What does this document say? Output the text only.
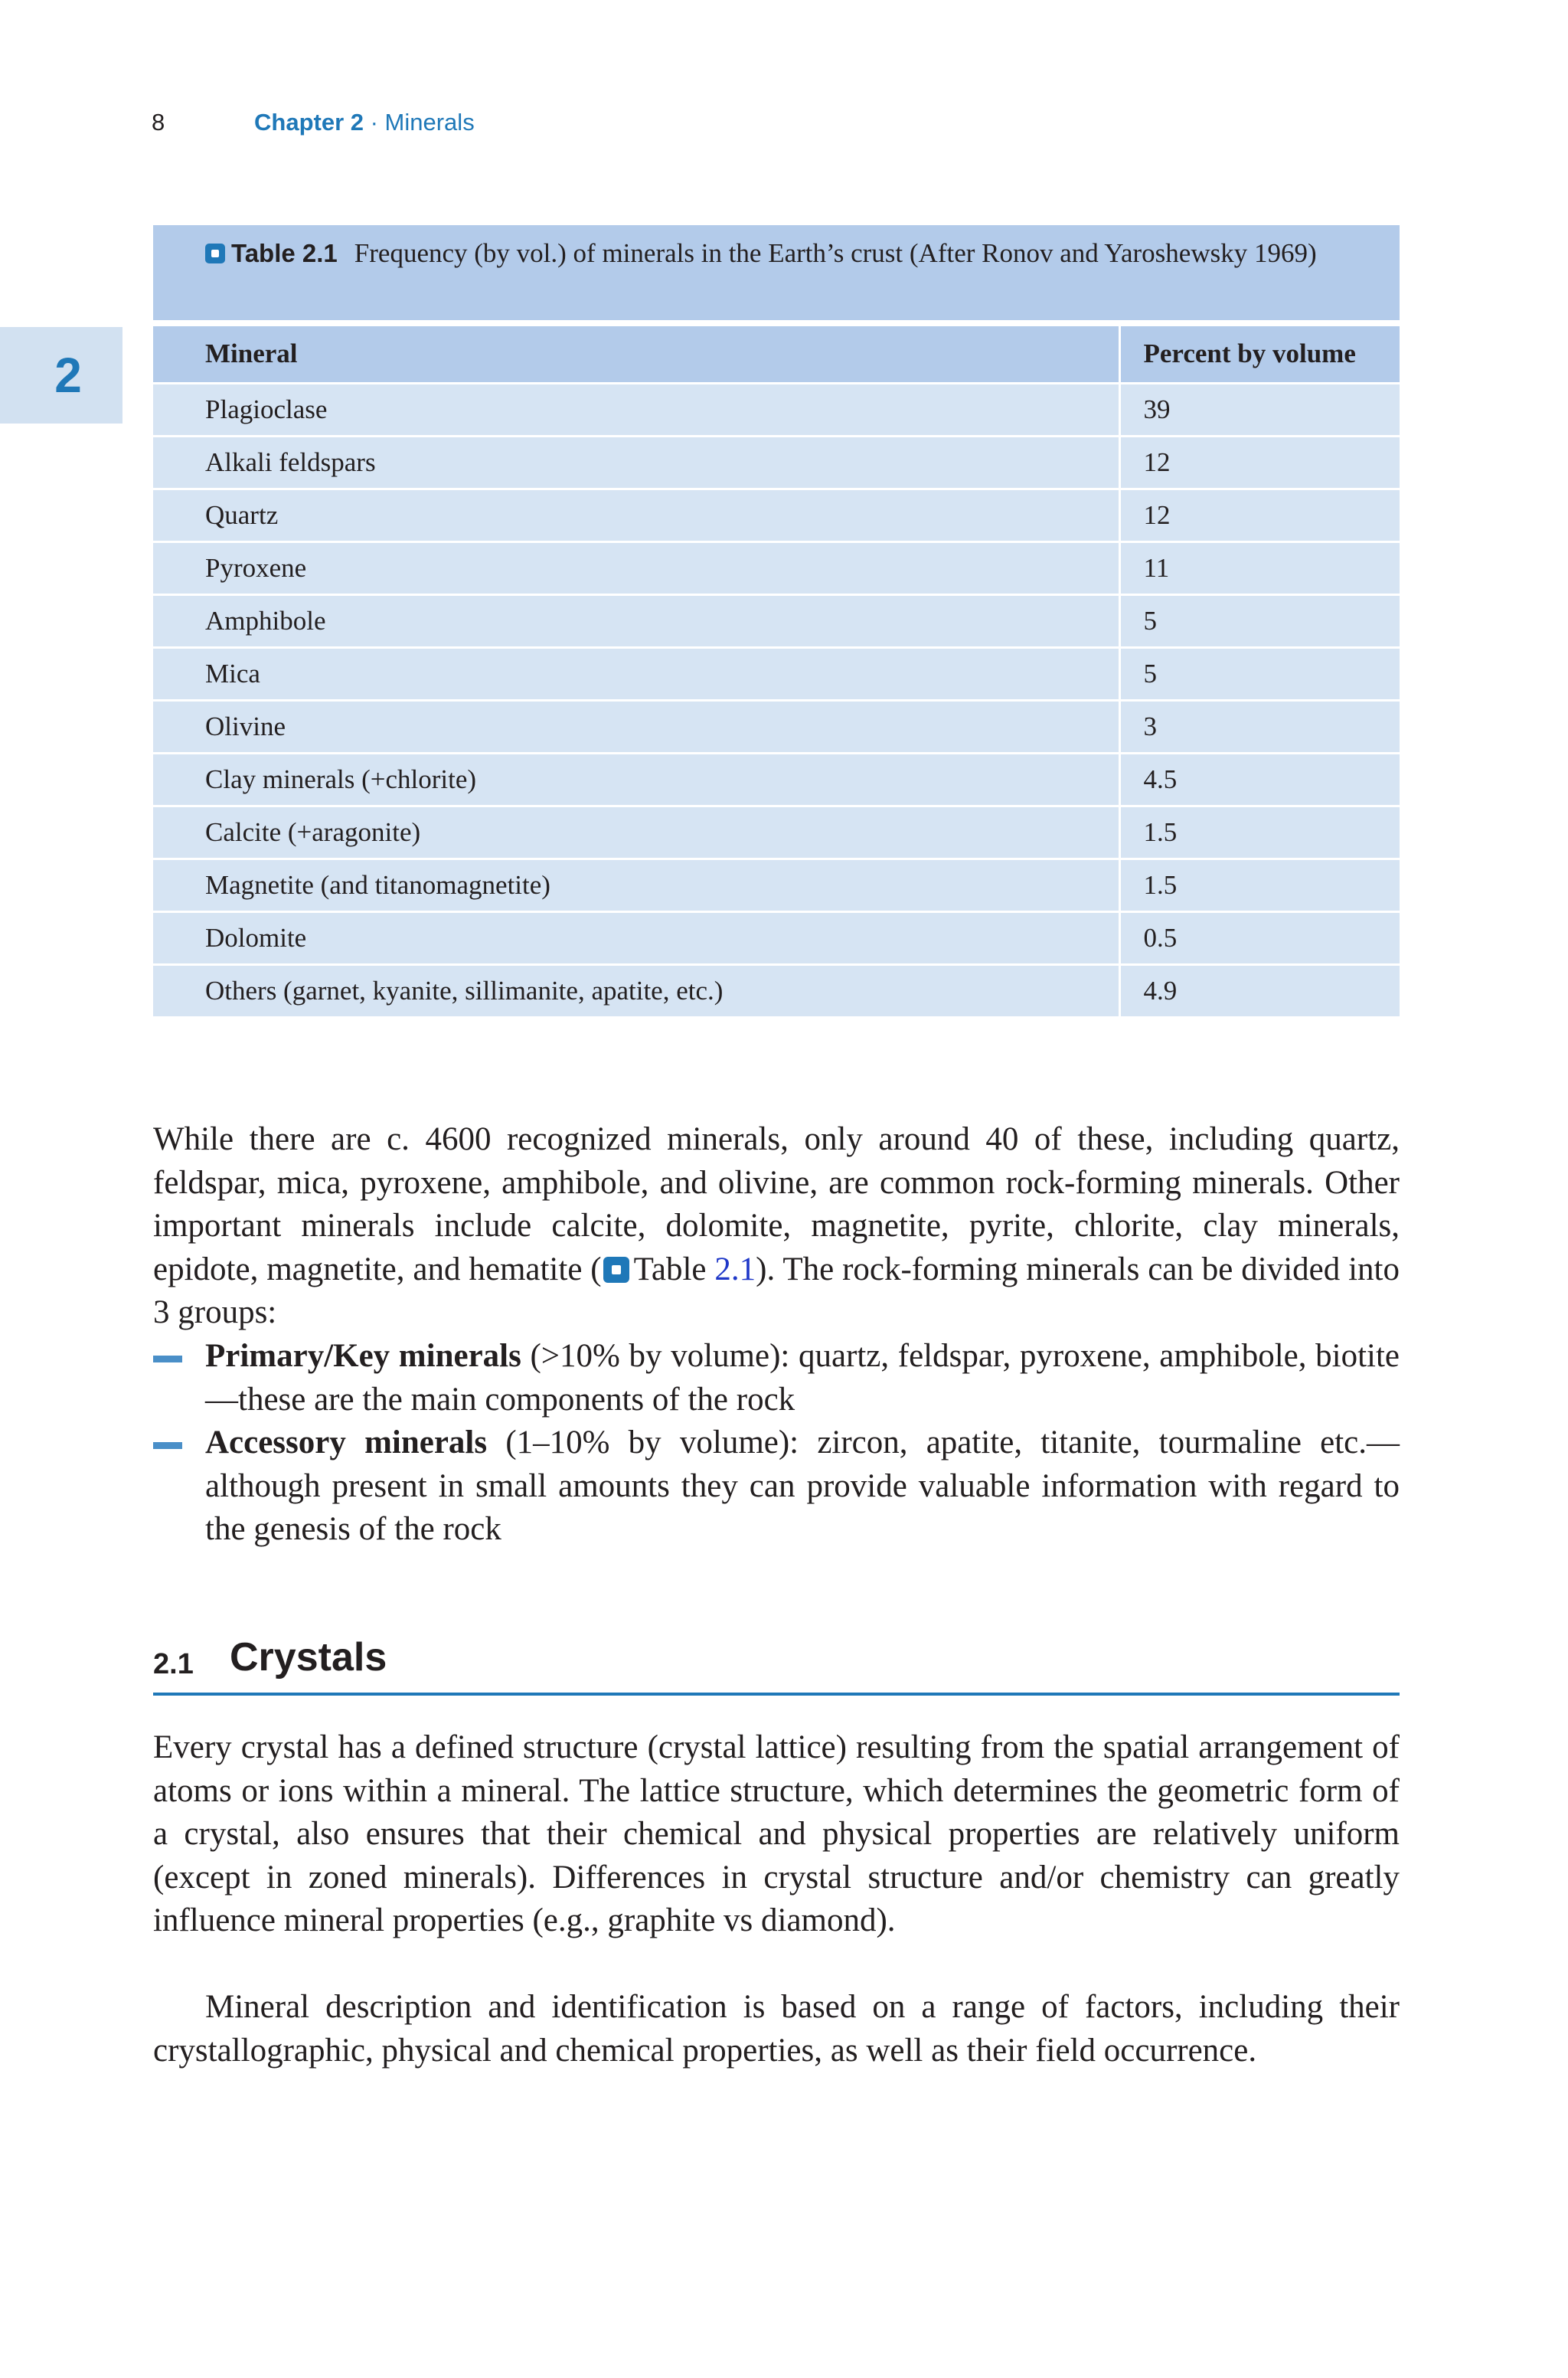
8	Chapter 2 · Minerals
2
Table 2.1 Frequency (by vol.) of minerals in the Earth’s crust (After Ronov and Yaroshewsky 1969)
Mineral	Percent by volume
Plagioclase	39
Alkali feldspars	12
Quartz	12
Pyroxene	11
Amphibole	5
Mica	5
Olivine	3
Clay minerals (+chlorite)	4.5
Calcite (+aragonite)	1.5
Magnetite (and titanomagnetite)	1.5
Dolomite	0.5
Others (garnet, kyanite, sillimanite, apatite, etc.)	4.9

While there are c. 4600 recognized minerals, only around 40 of these, including quartz, feldspar, mica, pyroxene, amphibole, and olivine, are common rock-forming minerals. Other important minerals include calcite, dolomite, magnetite, pyrite, chlorite, clay minerals, epidote, magnetite, and hematite ( Table 2.1). The rock-forming minerals can be divided into 3 groups:

Primary/Key minerals (>10% by volume): quartz, feldspar, pyroxene, amphibole, biotite—these are the main components of the rock
Accessory minerals (1–10% by volume): zircon, apatite, titanite, tourmaline etc.—although present in small amounts they can provide valuable information with regard to the genesis of the rock
2.1 Crystals

Every crystal has a defined structure (crystal lattice) resulting from the spatial arrangement of atoms or ions within a mineral. The lattice structure, which determines the geometric form of a crystal, also ensures that their chemical and physical properties are relatively uniform (except in zoned minerals). Differences in crystal structure and/or chemistry can greatly influence mineral properties (e.g., graphite vs diamond).

Mineral description and identification is based on a range of factors, including their crystallographic, physical and chemical properties, as well as their field occurrence.
